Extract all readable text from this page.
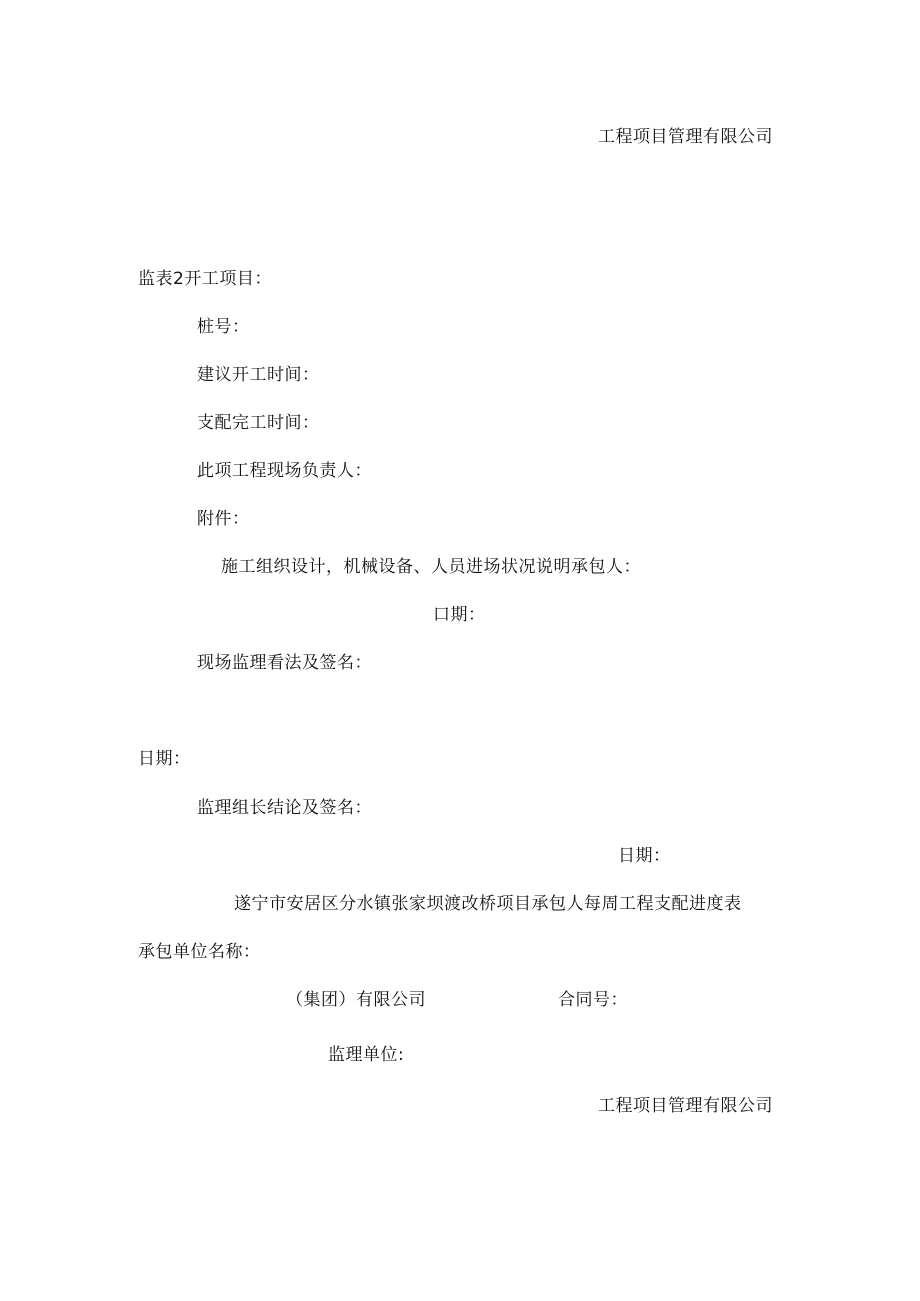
工程项目管理有限公司
监表2开工项目：
桩号：
建议开工时间：
支配完工时间：
此项工程现场负责人：
附件：
施工组织设计，机械设备、人员进场状况说明承包人：
口期：
现场监理看法及签名：
日期：
监理组长结论及签名：
日期：
遂宁市安居区分水镇张家坝渡改桥项目承包人每周工程支配进度表
承包单位名称：
（集团）有限公司	合同号：
监理单位:
工程项目管理有限公司
